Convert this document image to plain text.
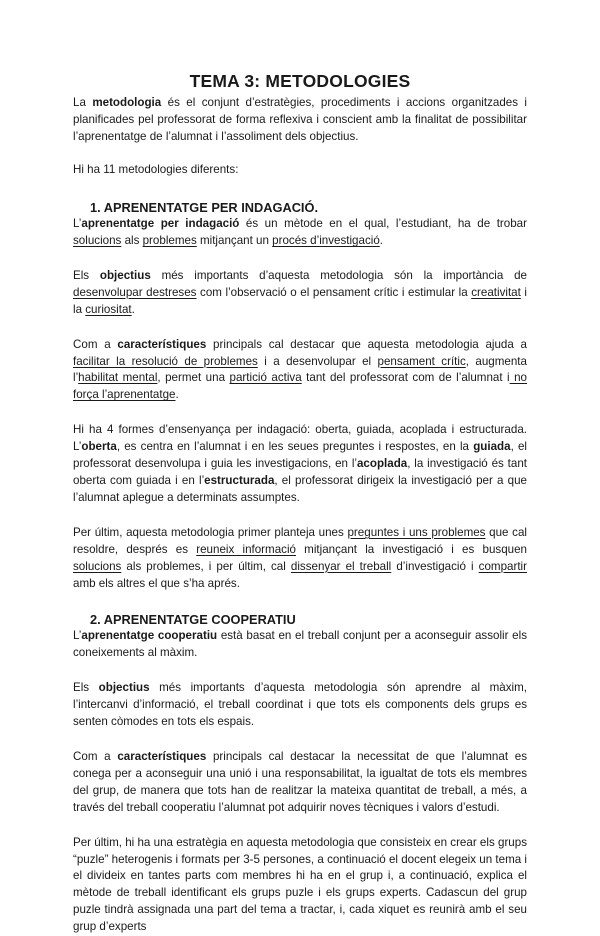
TEMA 3: METODOLOGIES

La metodologia és el conjunt d’estratègies, procediments i accions organitzades i planificades pel professorat de forma reflexiva i conscient amb la finalitat de possibilitar l’aprenentatge de l’alumnat i l’assoliment dels objectius.

Hi ha 11 metodologies diferents:

1. APRENENTATGE PER INDAGACIÓ.

L’aprenentatge per indagació és un mètode en el qual, l’estudiant, ha de trobar solucions als problemes mitjançant un procés d’investigació.

Els objectius més importants d’aquesta metodologia són la importància de desenvolupar destreses com l’observació o el pensament crític i estimular la creativitat i la curiositat.

Com a característiques principals cal destacar que aquesta metodologia ajuda a facilitar la resolució de problemes i a desenvolupar el pensament crític, augmenta l’habilitat mental, permet una partició activa tant del professorat com de l’alumnat i no força l’aprenentatge.

Hi ha 4 formes d’ensenyança per indagació: oberta, guiada, acoplada i estructurada. L’oberta, es centra en l’alumnat i en les seues preguntes i respostes, en la guiada, el professorat desenvolupa i guia les investigacions, en l’acoplada, la investigació és tant oberta com guiada i en l’estructurada, el professorat dirigeix la investigació per a que l’alumnat aplegue a determinats assumptes.

Per últim, aquesta metodologia primer planteja unes preguntes i uns problemes que cal resoldre, després es reuneix informació mitjançant la investigació i es busquen solucions als problemes, i per últim, cal dissenyar el treball d’investigació i compartir amb els altres el que s’ha aprés.

2. APRENENTATGE COOPERATIU

L’aprenentatge cooperatiu està basat en el treball conjunt per a aconseguir assolir els coneixements al màxim.

Els objectius més importants d’aquesta metodologia són aprendre al màxim, l’intercanvi d’informació, el treball coordinat i que tots els components dels grups es senten còmodes en tots els espais.

Com a característiques principals cal destacar la necessitat de que l’alumnat es conega per a aconseguir una unió i una responsabilitat, la igualtat de tots els membres del grup, de manera que tots han de realitzar la mateixa quantitat de treball, a més, a través del treball cooperatiu l’alumnat pot adquirir noves tècniques i valors d’estudi.

Per últim, hi ha una estratègia en aquesta metodologia que consisteix en crear els grups “puzle” heterogenis i formats per 3-5 persones, a continuació el docent elegeix un tema i el divideix en tantes parts com membres hi ha en el grup i, a continuació, explica el mètode de treball identificant els grups puzle i els grups experts. Cadascun del grup puzle tindrà assignada una part del tema a tractar, i, cada xiquet es reunirà amb el seu grup d’experts
